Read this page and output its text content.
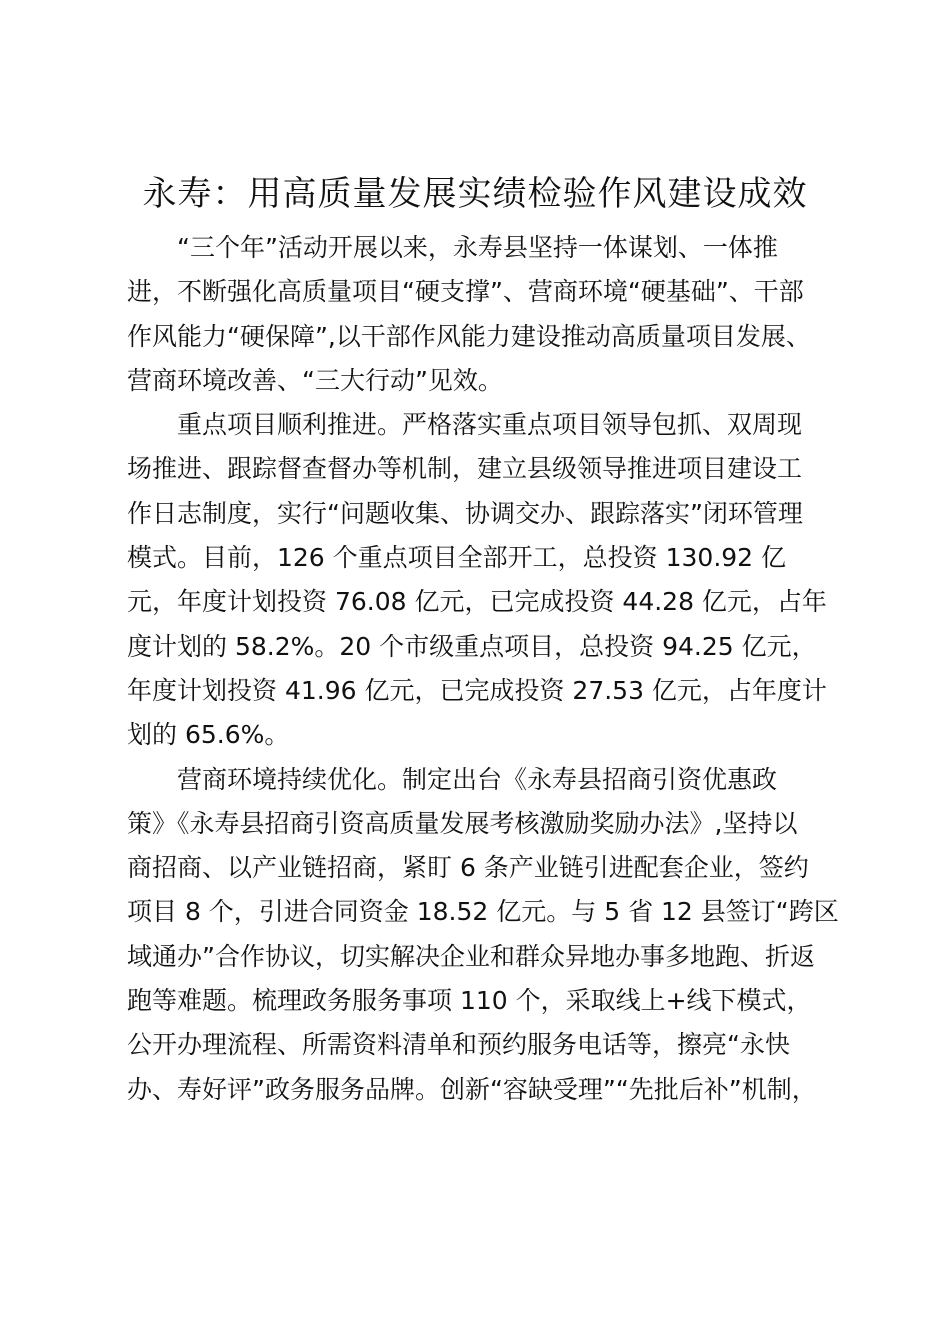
永寿：用高质量发展实绩检验作风建设成效
“三个年”活动开展以来，永寿县坚持一体谋划、一体推
进，不断强化高质量项目“硬支撑”、营商环境“硬基础”、干部
作风能力“硬保障”,以干部作风能力建设推动高质量项目发展、
营商环境改善、“三大行动”见效。
重点项目顺利推进。严格落实重点项目领导包抓、双周现
场推进、跟踪督查督办等机制，建立县级领导推进项目建设工
作日志制度，实行“问题收集、协调交办、跟踪落实”闭环管理
模式。目前，126 个重点项目全部开工，总投资 130.92 亿
元，年度计划投资 76.08 亿元，已完成投资 44.28 亿元，占年
度计划的 58.2%。20 个市级重点项目，总投资 94.25 亿元，
年度计划投资 41.96 亿元，已完成投资 27.53 亿元，占年度计
划的 65.6%。
营商环境持续优化。制定出台《永寿县招商引资优惠政
策》《永寿县招商引资高质量发展考核激励奖励办法》,坚持以
商招商、以产业链招商，紧盯 6 条产业链引进配套企业，签约
项目 8 个，引进合同资金 18.52 亿元。与 5 省 12 县签订“跨区
域通办”合作协议，切实解决企业和群众异地办事多地跑、折返
跑等难题。梳理政务服务事项 110 个，采取线上+线下模式，
公开办理流程、所需资料清单和预约服务电话等，擦亮“永快
办、寿好评”政务服务品牌。创新“容缺受理”“先批后补”机制，
